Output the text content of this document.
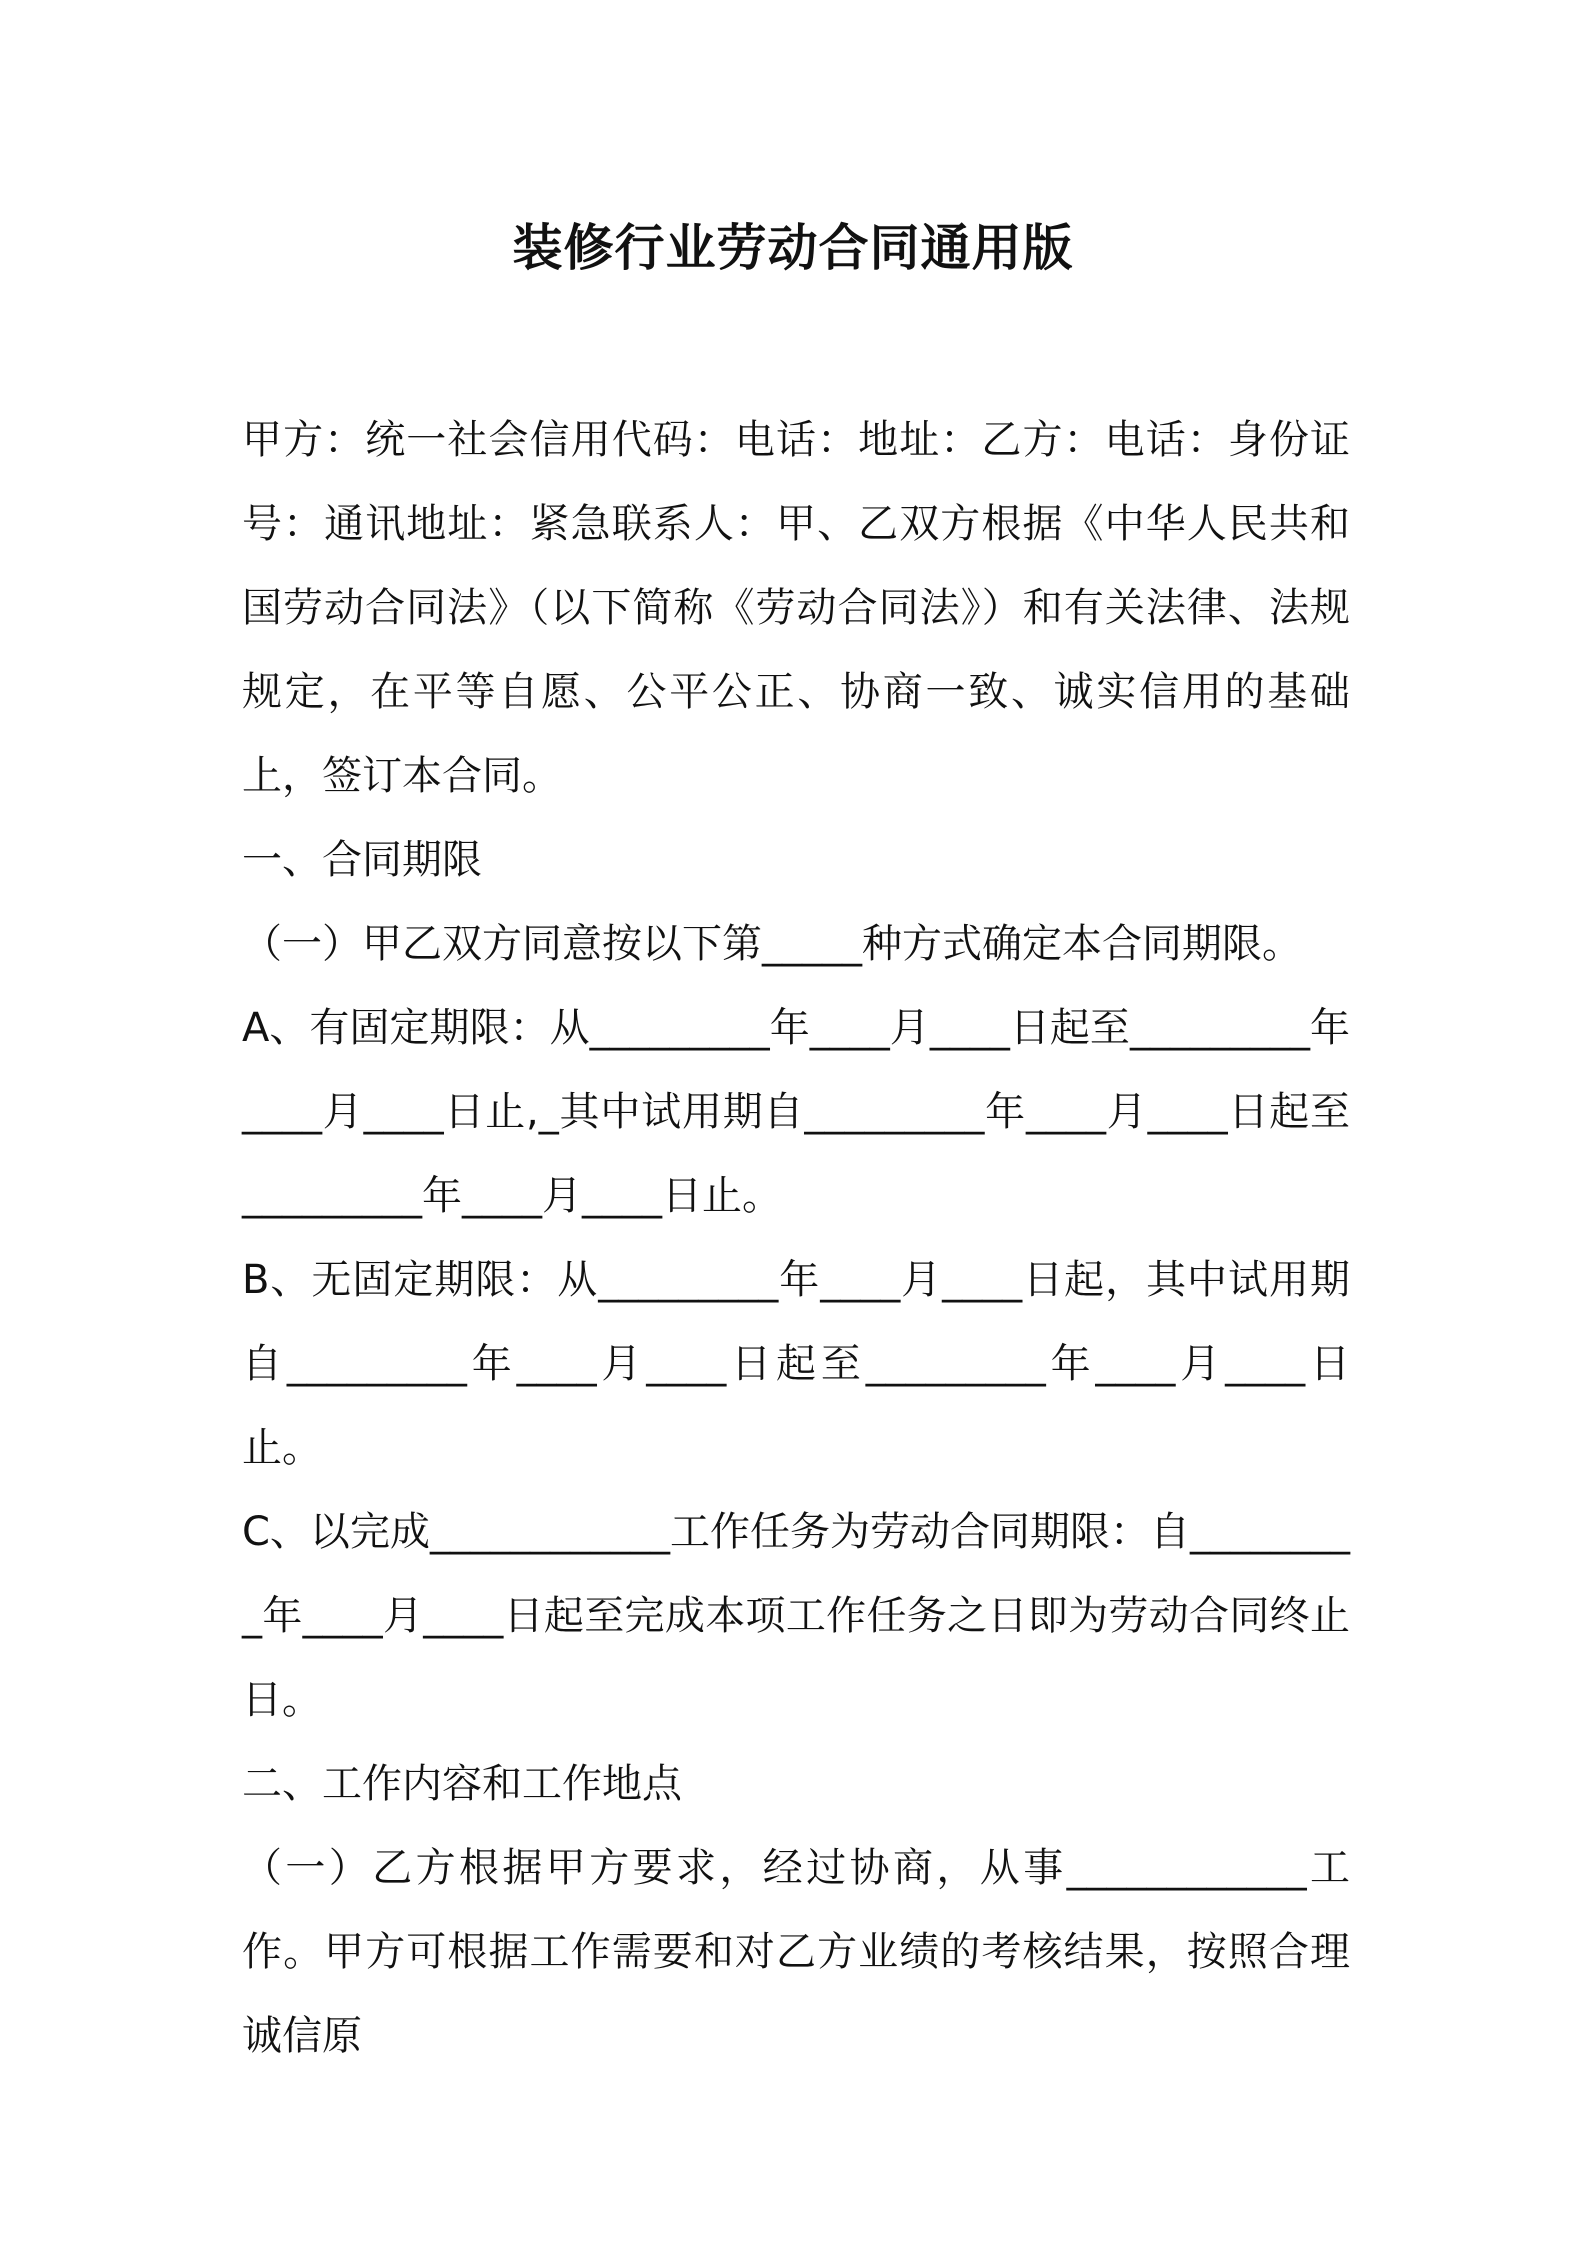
装修行业劳动合同通用版

甲方：统一社会信用代码：电话：地址：乙方：电话：身份证号：通讯地址：紧急联系人：甲、乙双方根据《中华人民共和国劳动合同法》（以下简称《劳动合同法》）和有关法律、法规规定，在平等自愿、公平公正、协商一致、诚实信用的基础上，签订本合同。

一、合同期限

（一）甲乙双方同意按以下第_____种方式确定本合同期限。

A、有固定期限：从_________年____月____日起至_________年____月____日止,_其中试用期自_________年____月____日起至_________年____月____日止。

B、无固定期限：从_________年____月____日起，其中试用期自_________年____月____日起至_________年____月____日止。

C、以完成____________工作任务为劳动合同期限：自_________年____月____日起至完成本项工作任务之日即为劳动合同终止日。

二、工作内容和工作地点

（一）乙方根据甲方要求，经过协商，从事____________工作。甲方可根据工作需要和对乙方业绩的考核结果，按照合理诚信原
